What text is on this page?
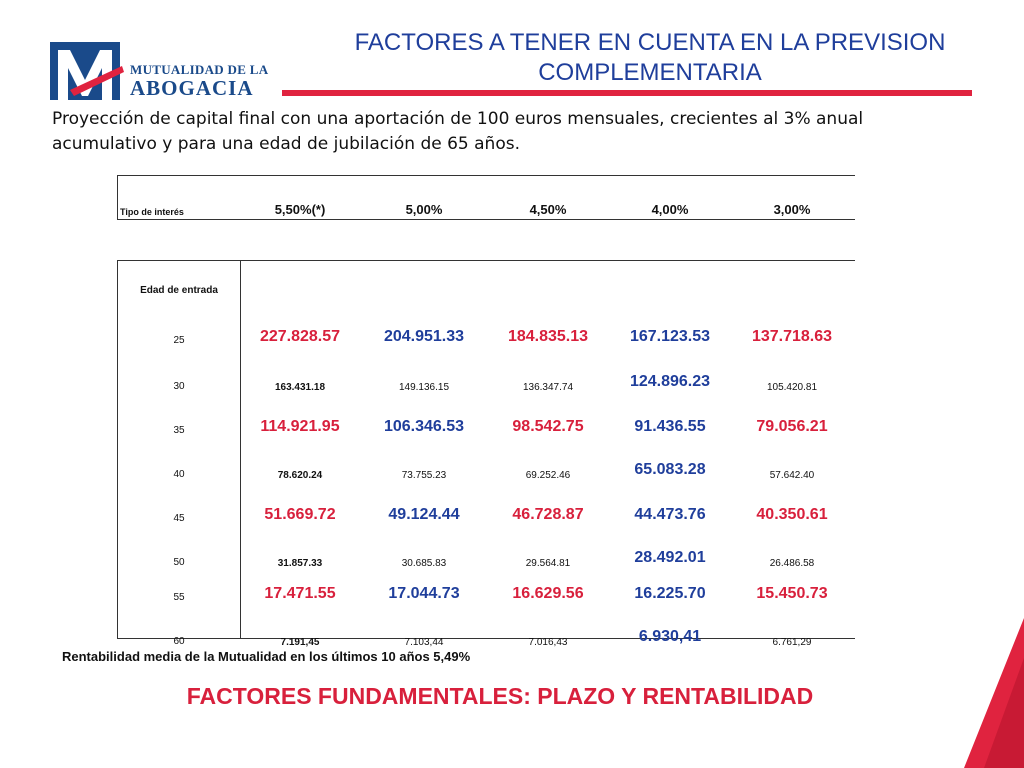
MUTUALIDAD DE LA
ABOGACIA
FACTORES A TENER EN CUENTA EN LA PREVISION COMPLEMENTARIA
Proyección de capital final con una aportación de 100 euros mensuales, crecientes al 3% anual acumulativo y para una edad de jubilación de 65 años.
Tipo de interés	5,50%(*)	5,00%	4,50%	4,00%	3,00%
Edad de entrada
25	227.828.57	204.951.33	184.835.13	167.123.53	137.718.63
30	163.431.18	149.136.15	136.347.74	124.896.23	105.420.81
35	114.921.95	106.346.53	98.542.75	91.436.55	79.056.21
40	78.620.24	73.755.23	69.252.46	65.083.28	57.642.40
45	51.669.72	49.124.44	46.728.87	44.473.76	40.350.61
50	31.857.33	30.685.83	29.564.81	28.492.01	26.486.58
55	17.471.55	17.044.73	16.629.56	16.225.70	15.450.73
60	7.191,45	7.103,44	7.016,43	6.930,41	6.761,29
Rentabilidad media de la Mutualidad en los últimos 10 años 5,49%
FACTORES FUNDAMENTALES: PLAZO Y RENTABILIDAD
